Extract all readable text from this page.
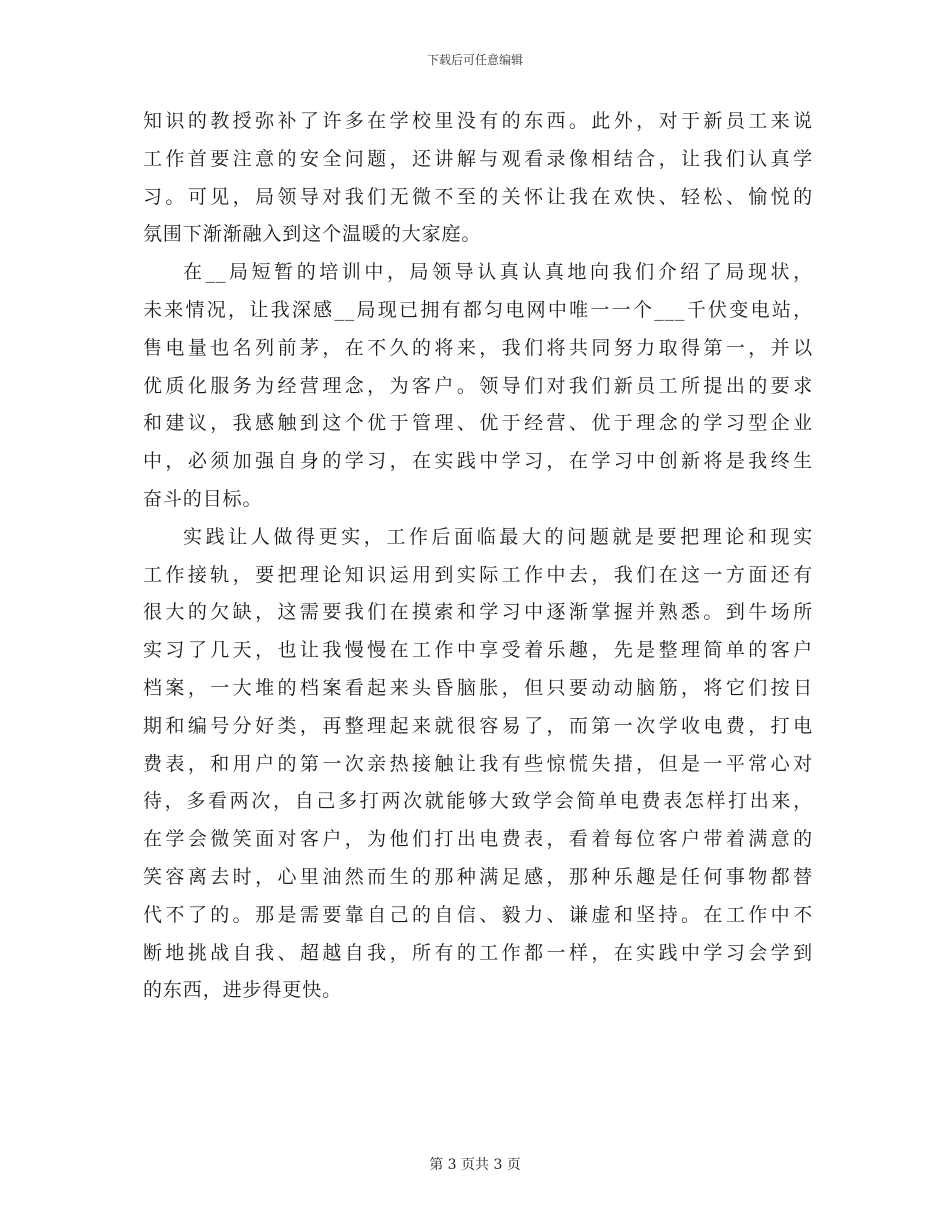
下载后可任意编辑
知识的教授弥补了许多在学校里没有的东西。此外，对于新员工来说
工作首要注意的安全问题，还讲解与观看录像相结合，让我们认真学
习。可见，局领导对我们无微不至的关怀让我在欢快、轻松、愉悦的
氛围下渐渐融入到这个温暖的大家庭。
在__局短暂的培训中，局领导认真认真地向我们介绍了局现状，
未来情况，让我深感__局现已拥有都匀电网中唯一一个___千伏变电站，
售电量也名列前茅，在不久的将来，我们将共同努力取得第一，并以
优质化服务为经营理念，为客户。领导们对我们新员工所提出的要求
和建议，我感触到这个优于管理、优于经营、优于理念的学习型企业
中，必须加强自身的学习，在实践中学习，在学习中创新将是我终生
奋斗的目标。
实践让人做得更实，工作后面临最大的问题就是要把理论和现实
工作接轨，要把理论知识运用到实际工作中去，我们在这一方面还有
很大的欠缺，这需要我们在摸索和学习中逐渐掌握并熟悉。到牛场所
实习了几天，也让我慢慢在工作中享受着乐趣，先是整理简单的客户
档案，一大堆的档案看起来头昏脑胀，但只要动动脑筋，将它们按日
期和编号分好类，再整理起来就很容易了，而第一次学收电费，打电
费表，和用户的第一次亲热接触让我有些惊慌失措，但是一平常心对
待，多看两次，自己多打两次就能够大致学会简单电费表怎样打出来，
在学会微笑面对客户，为他们打出电费表，看着每位客户带着满意的
笑容离去时，心里油然而生的那种满足感，那种乐趣是任何事物都替
代不了的。那是需要靠自己的自信、毅力、谦虚和坚持。在工作中不
断地挑战自我、超越自我，所有的工作都一样，在实践中学习会学到
的东西，进步得更快。
第 3 页共 3 页
